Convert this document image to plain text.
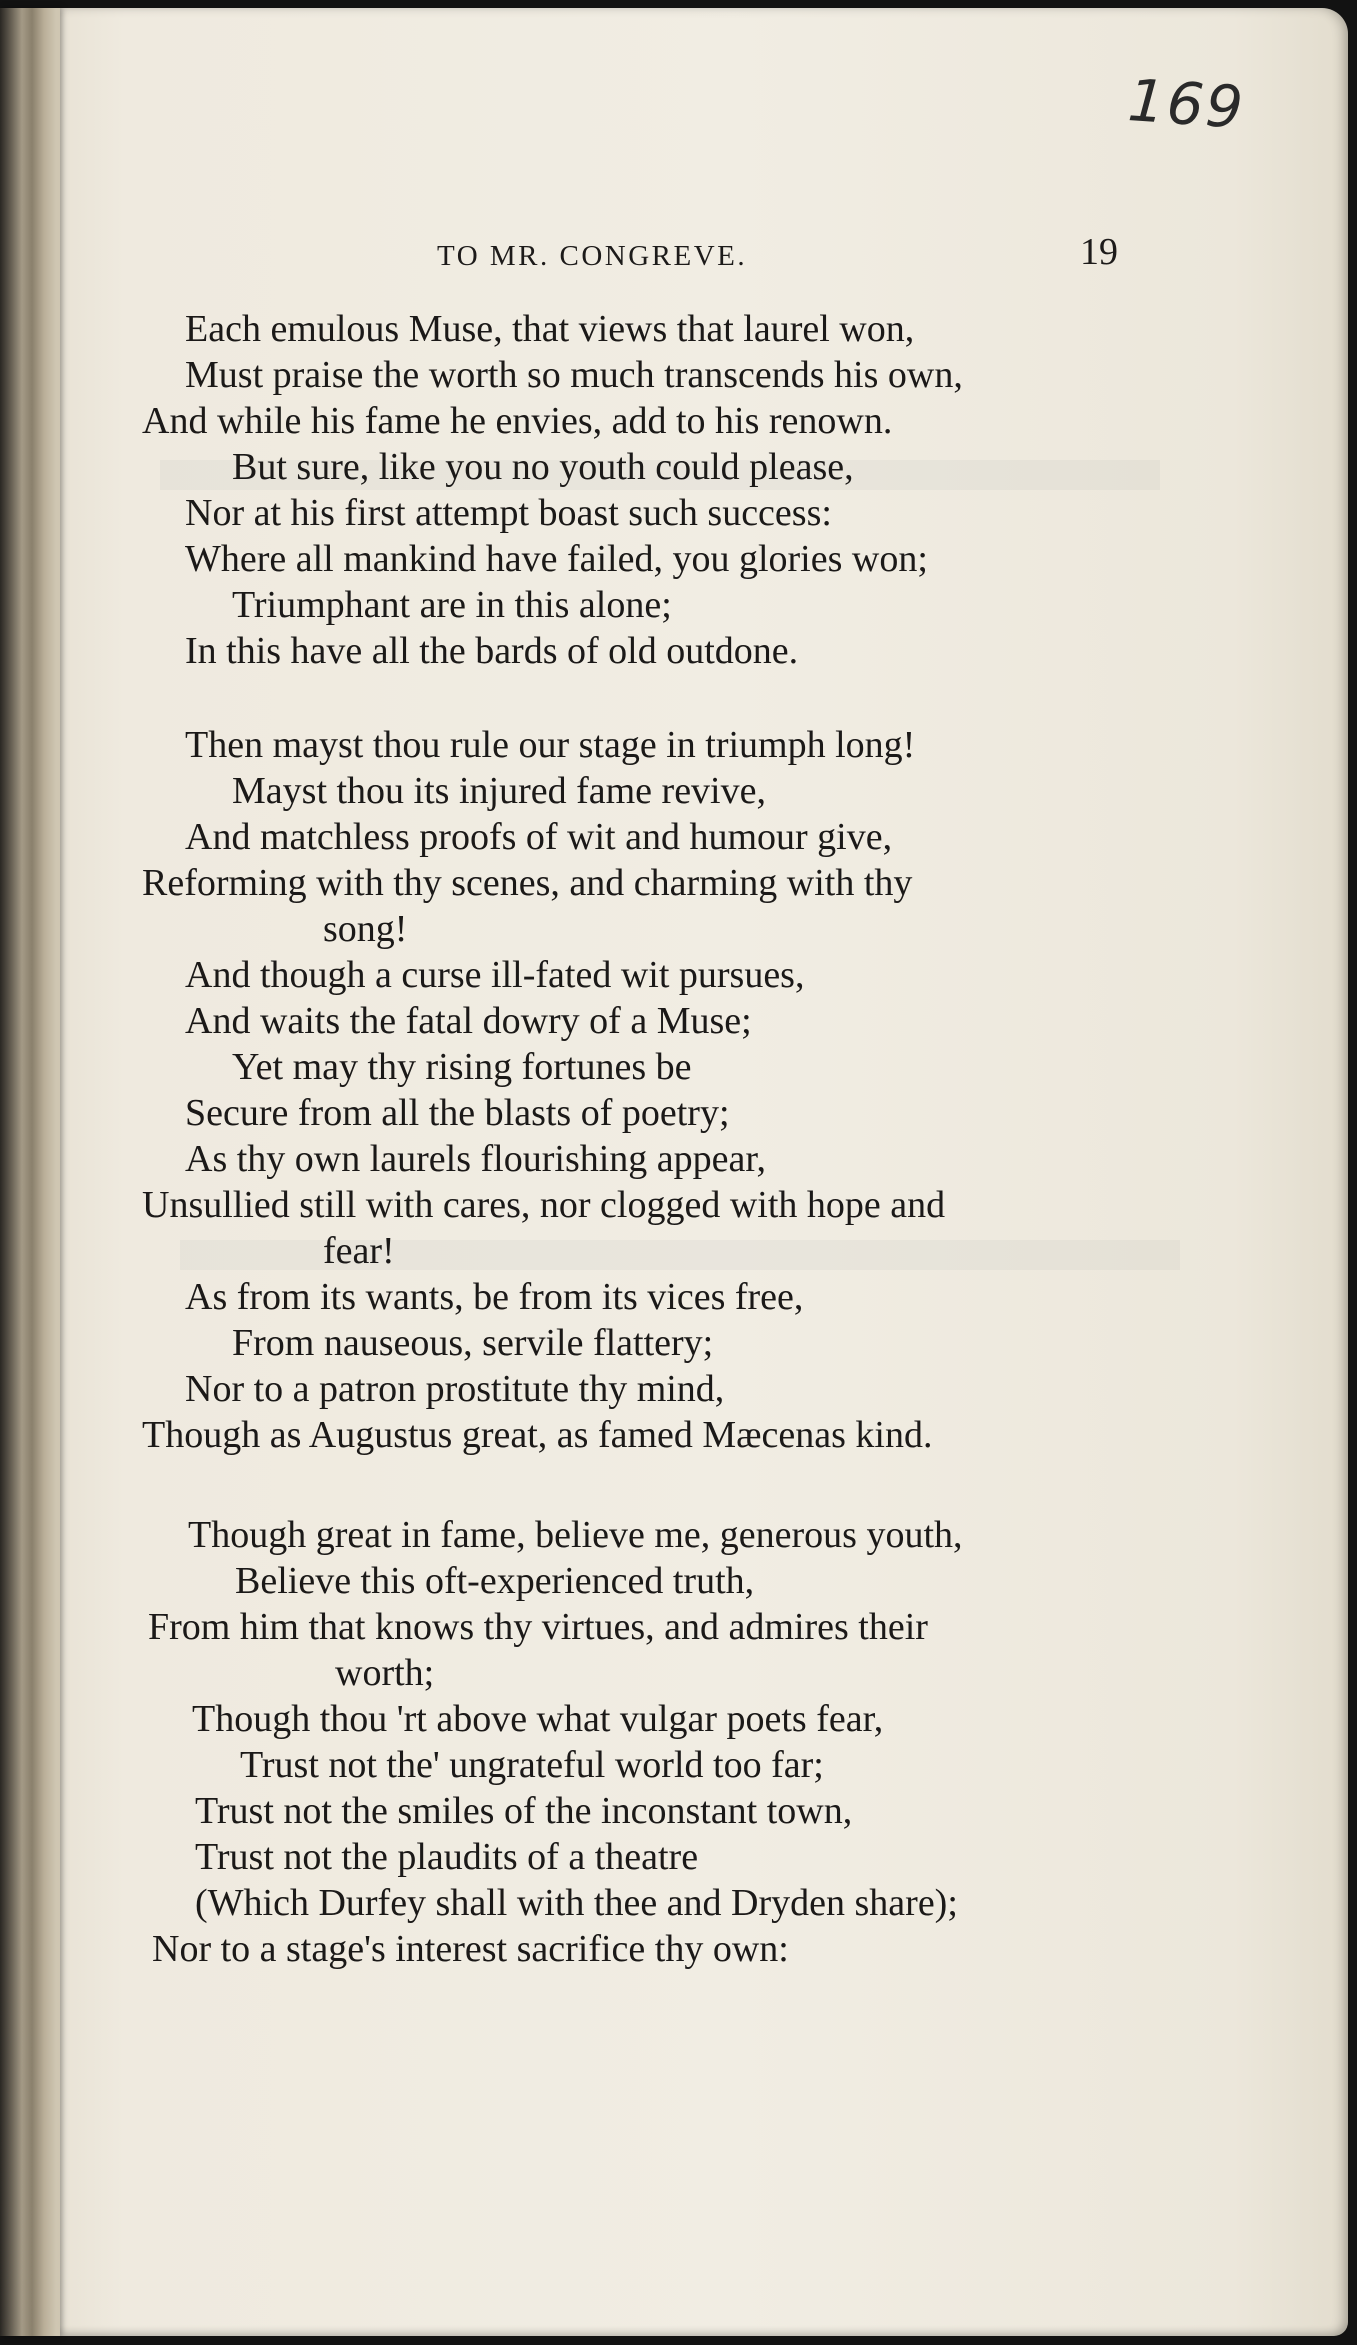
169
TO MR. CONGREVE.	19
Each emulous Muse, that views that laurel won,
Must praise the worth so much transcends his own,
And while his fame he envies, add to his renown.
But sure, like you no youth could please,
Nor at his first attempt boast such success:
Where all mankind have failed, you glories won;
Triumphant are in this alone;
In this have all the bards of old outdone.
Then mayst thou rule our stage in triumph long!
Mayst thou its injured fame revive,
And matchless proofs of wit and humour give,
Reforming with thy scenes, and charming with thy
song!
And though a curse ill-fated wit pursues,
And waits the fatal dowry of a Muse;
Yet may thy rising fortunes be
Secure from all the blasts of poetry;
As thy own laurels flourishing appear,
Unsullied still with cares, nor clogged with hope and
fear!
As from its wants, be from its vices free,
From nauseous, servile flattery;
Nor to a patron prostitute thy mind,
Though as Augustus great, as famed Mæcenas kind.
Though great in fame, believe me, generous youth,
Believe this oft-experienced truth,
From him that knows thy virtues, and admires their
worth;
Though thou 'rt above what vulgar poets fear,
Trust not the' ungrateful world too far;
Trust not the smiles of the inconstant town,
Trust not the plaudits of a theatre
(Which Durfey shall with thee and Dryden share);
Nor to a stage's interest sacrifice thy own:
